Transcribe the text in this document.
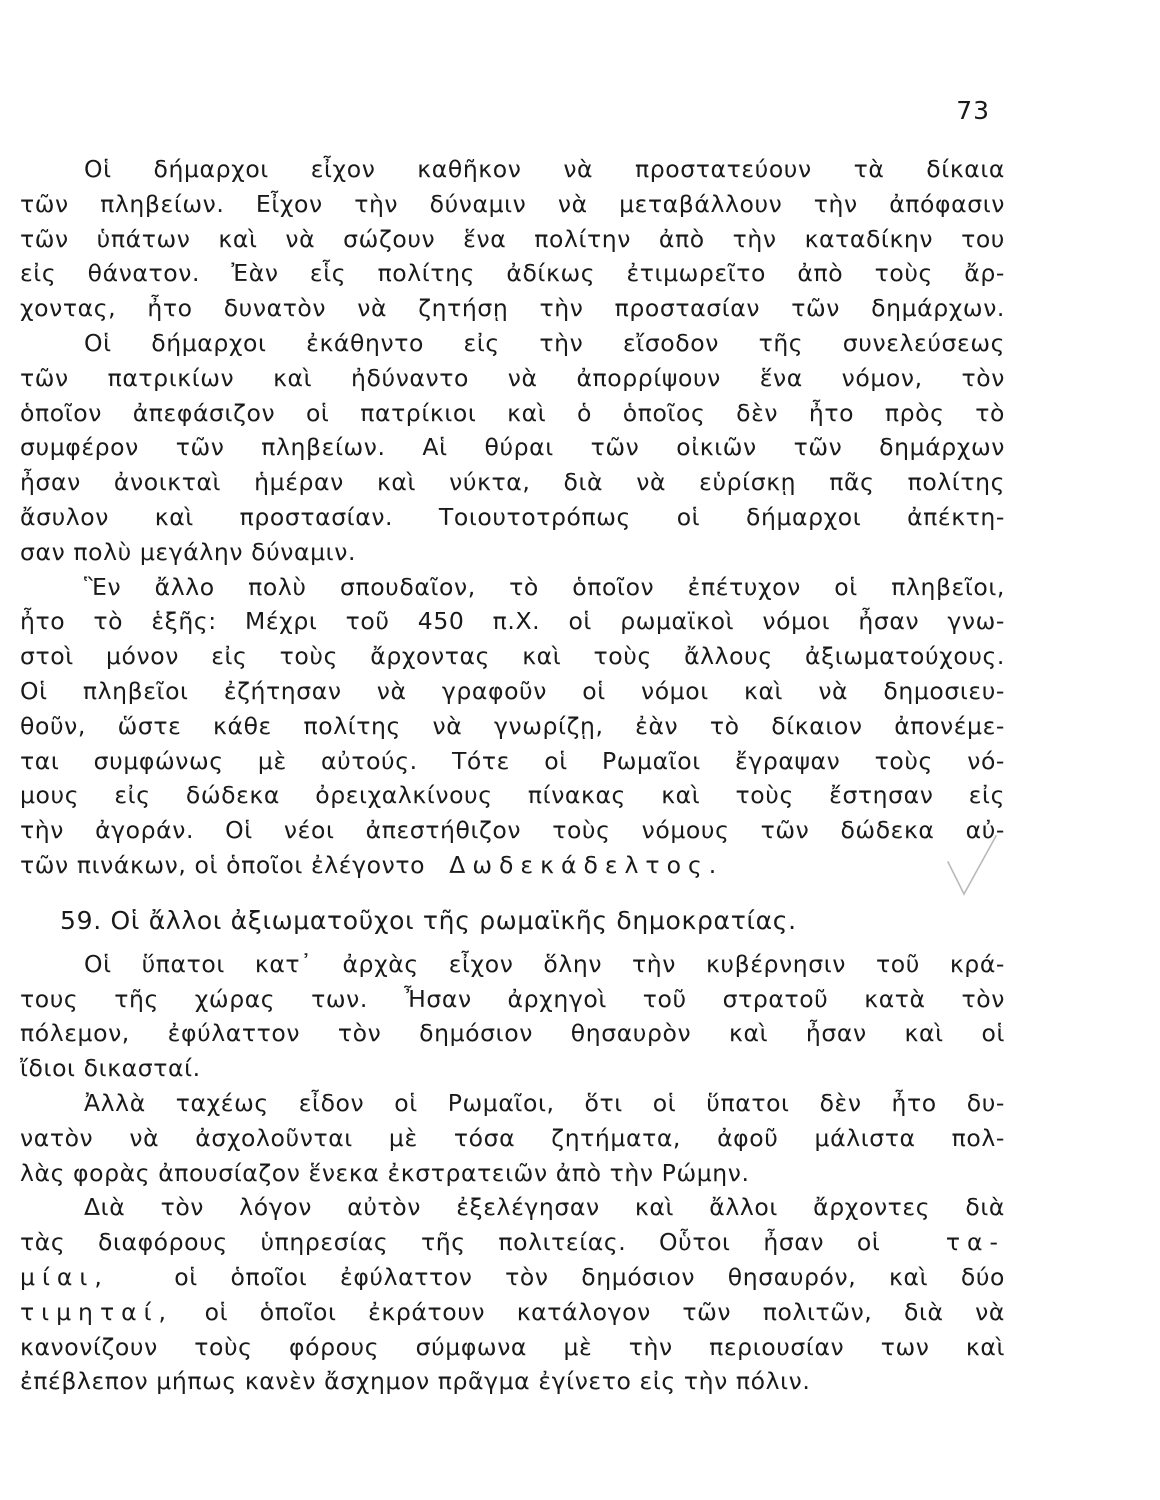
73
Οἱ δήμαρχοι εἶχον καθῆκον νὰ προστατεύουν τὰ δίκαια
τῶν πληβείων. Εἶχον τὴν δύναμιν νὰ μεταβάλλουν τὴν ἀπόφασιν
τῶν ὑπάτων καὶ νὰ σώζουν ἕνα πολίτην ἀπὸ τὴν καταδίκην του
εἰς θάνατον. Ἐὰν εἷς πολίτης ἀδίκως ἐτιμωρεῖτο ἀπὸ τοὺς ἄρ-
χοντας, ἦτο δυνατὸν νὰ ζητήσῃ τὴν προστασίαν τῶν δημάρχων.
Οἱ δήμαρχοι ἐκάθηντο εἰς τὴν εἴσοδον τῆς συνελεύσεως
τῶν πατρικίων καὶ ἠδύναντο νὰ ἀπορρίψουν ἕνα νόμον, τὸν
ὁποῖον ἀπεφάσιζον οἱ πατρίκιοι καὶ ὁ ὁποῖος δὲν ἦτο πρὸς τὸ
συμφέρον τῶν πληβείων. Αἱ θύραι τῶν οἰκιῶν τῶν δημάρχων
ἦσαν ἀνοικταὶ ἡμέραν καὶ νύκτα, διὰ νὰ εὑρίσκῃ πᾶς πολίτης
ἄσυλον καὶ προστασίαν. Τοιουτοτρόπως οἱ δήμαρχοι ἀπέκτη-
σαν πολὺ μεγάλην δύναμιν.
Ἓν ἄλλο πολὺ σπουδαῖον, τὸ ὁποῖον ἐπέτυχον οἱ πληβεῖοι,
ἦτο τὸ ἑξῆς: Μέχρι τοῦ 450 π.Χ. οἱ ρωμαϊκοὶ νόμοι ἦσαν γνω-
στοὶ μόνον εἰς τοὺς ἄρχοντας καὶ τοὺς ἄλλους ἀξιωματούχους.
Οἱ πληβεῖοι ἐζήτησαν νὰ γραφοῦν οἱ νόμοι καὶ νὰ δημοσιευ-
θοῦν, ὥστε κάθε πολίτης νὰ γνωρίζῃ, ἐὰν τὸ δίκαιον ἀπονέμε-
ται συμφώνως μὲ αὐτούς. Τότε οἱ Ρωμαῖοι ἔγραψαν τοὺς νό-
μους εἰς δώδεκα ὀρειχαλκίνους πίνακας καὶ τοὺς ἔστησαν εἰς
τὴν ἀγοράν. Οἱ νέοι ἀπεστήθιζον τοὺς νόμους τῶν δώδεκα αὐ-
τῶν πινάκων, οἱ ὁποῖοι ἐλέγοντο Δωδεκάδελτος.
59. Οἱ ἄλλοι ἀξιωματοῦχοι τῆς ρωμαϊκῆς δημοκρατίας.
Οἱ ὕπατοι κατ᾽ ἀρχὰς εἶχον ὅλην τὴν κυβέρνησιν τοῦ κρά-
τους τῆς χώρας των. Ἦσαν ἀρχηγοὶ τοῦ στρατοῦ κατὰ τὸν
πόλεμον, ἐφύλαττον τὸν δημόσιον θησαυρὸν καὶ ἦσαν καὶ οἱ
ἴδιοι δικασταί.
Ἀλλὰ ταχέως εἶδον οἱ Ρωμαῖοι, ὅτι οἱ ὕπατοι δὲν ἦτο δυ-
νατὸν νὰ ἀσχολοῦνται μὲ τόσα ζητήματα, ἀφοῦ μάλιστα πολ-
λὰς φορὰς ἀπουσίαζον ἕνεκα ἐκστρατειῶν ἀπὸ τὴν Ρώμην.
Διὰ τὸν λόγον αὐτὸν ἐξελέγησαν καὶ ἄλλοι ἄρχοντες διὰ
τὰς διαφόρους ὑπηρεσίας τῆς πολιτείας. Οὗτοι ἦσαν οἱ	τα-
μίαι,	οἱ ὁποῖοι ἐφύλαττον τὸν δημόσιον θησαυρόν, καὶ δύο
τιμηταί, οἱ ὁποῖοι ἐκράτουν κατάλογον τῶν πολιτῶν, διὰ νὰ
κανονίζουν τοὺς φόρους σύμφωνα μὲ τὴν περιουσίαν των καὶ
ἐπέβλεπον μήπως κανὲν ἄσχημον πρᾶγμα ἐγίνετο εἰς τὴν πόλιν.
